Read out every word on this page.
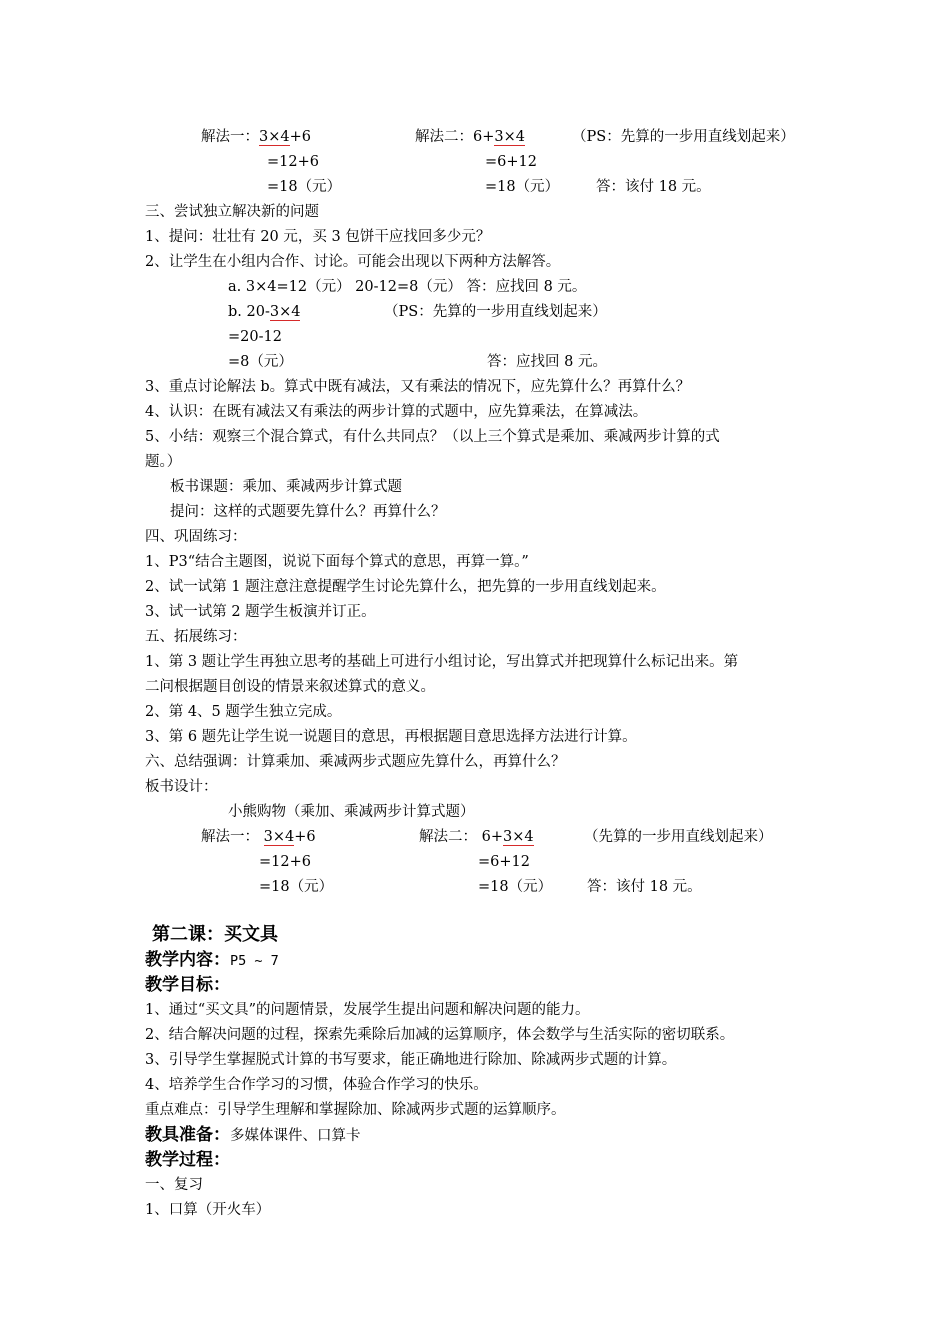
解法一：3×4+6	解法二：6+3×4	（PS：先算的一步用直线划起来）
=12+6	=6+12
=18（元）	=18（元）	答：该付 18 元。
三、尝试独立解决新的问题
1、提问：壮壮有 20 元，买 3 包饼干应找回多少元？
2、让学生在小组内合作、讨论。可能会出现以下两种方法解答。
a. 3×4=12（元） 20-12=8（元） 答：应找回 8 元。
b. 20-3×4	（PS：先算的一步用直线划起来）
=20-12
=8（元）	答：应找回 8 元。
3、重点讨论解法 b。算式中既有减法，又有乘法的情况下，应先算什么？再算什么？
4、认识：在既有减法又有乘法的两步计算的式题中，应先算乘法，在算减法。
5、小结：观察三个混合算式，有什么共同点？（以上三个算式是乘加、乘减两步计算的式
题。）
板书课题：乘加、乘减两步计算式题
提问：这样的式题要先算什么？再算什么？
四、巩固练习：
1、P3“结合主题图，说说下面每个算式的意思，再算一算。”
2、试一试第 1 题注意注意提醒学生讨论先算什么，把先算的一步用直线划起来。
3、试一试第 2 题学生板演并订正。
五、拓展练习：
1、第 3 题让学生再独立思考的基础上可进行小组讨论，写出算式并把现算什么标记出来。第
二问根据题目创设的情景来叙述算式的意义。
2、第 4、5 题学生独立完成。
3、第 6 题先让学生说一说题目的意思，再根据题目意思选择方法进行计算。
六、总结强调：计算乘加、乘减两步式题应先算什么，再算什么？
板书设计：
小熊购物（乘加、乘减两步计算式题）
解法一： 3×4+6	解法二： 6+3×4	（先算的一步用直线划起来）
=12+6	=6+12
=18（元）	=18（元） 答：该付 18 元。
第二课：买文具
教学内容：P5 ~ 7
教学目标：
1、通过“买文具”的问题情景，发展学生提出问题和解决问题的能力。
2、结合解决问题的过程，探索先乘除后加减的运算顺序，体会数学与生活实际的密切联系。
3、引导学生掌握脱式计算的书写要求，能正确地进行除加、除减两步式题的计算。
4、培养学生合作学习的习惯，体验合作学习的快乐。
重点难点：引导学生理解和掌握除加、除减两步式题的运算顺序。
教具准备：多媒体课件、口算卡
教学过程：
一、复习
1、口算（开火车）
